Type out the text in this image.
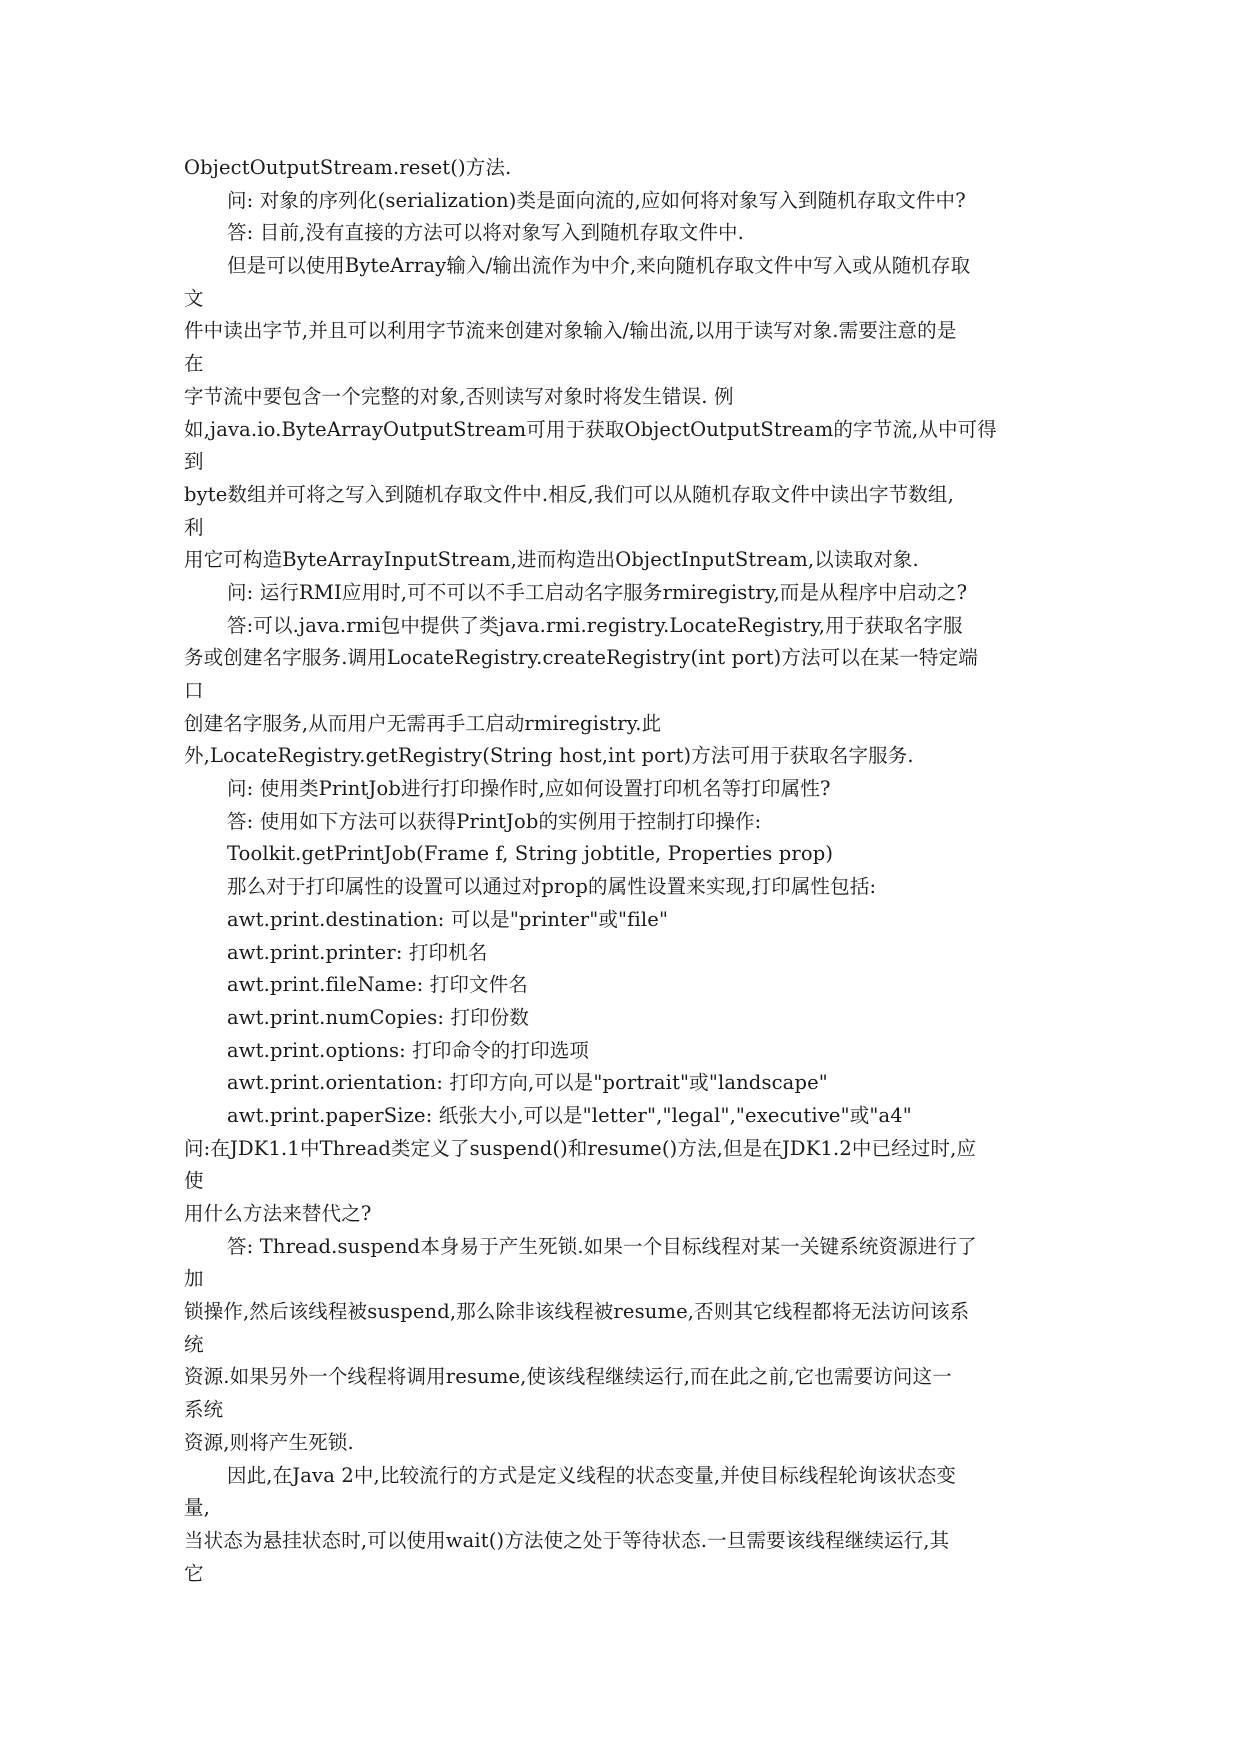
ObjectOutputStream.reset()方法.
问: 对象的序列化(serialization)类是面向流的,应如何将对象写入到随机存取文件中?
答: 目前,没有直接的方法可以将对象写入到随机存取文件中.
但是可以使用ByteArray输入/输出流作为中介,来向随机存取文件中写入或从随机存取
文
件中读出字节,并且可以利用字节流来创建对象输入/输出流,以用于读写对象.需要注意的是
在
字节流中要包含一个完整的对象,否则读写对象时将发生错误. 例
如,java.io.ByteArrayOutputStream可用于获取ObjectOutputStream的字节流,从中可得
到
byte数组并可将之写入到随机存取文件中.相反,我们可以从随机存取文件中读出字节数组,
利
用它可构造ByteArrayInputStream,进而构造出ObjectInputStream,以读取对象.
问: 运行RMI应用时,可不可以不手工启动名字服务rmiregistry,而是从程序中启动之?
答:可以.java.rmi包中提供了类java.rmi.registry.LocateRegistry,用于获取名字服
务或创建名字服务.调用LocateRegistry.createRegistry(int port)方法可以在某一特定端
口
创建名字服务,从而用户无需再手工启动rmiregistry.此
外,LocateRegistry.getRegistry(String host,int port)方法可用于获取名字服务.
问: 使用类PrintJob进行打印操作时,应如何设置打印机名等打印属性?
答: 使用如下方法可以获得PrintJob的实例用于控制打印操作:
Toolkit.getPrintJob(Frame f, String jobtitle, Properties prop)
那么对于打印属性的设置可以通过对prop的属性设置来实现,打印属性包括:
awt.print.destination: 可以是"printer"或"file"
awt.print.printer: 打印机名
awt.print.fileName: 打印文件名
awt.print.numCopies: 打印份数
awt.print.options: 打印命令的打印选项
awt.print.orientation: 打印方向,可以是"portrait"或"landscape"
awt.print.paperSize: 纸张大小,可以是"letter","legal","executive"或"a4"
问:在JDK1.1中Thread类定义了suspend()和resume()方法,但是在JDK1.2中已经过时,应
使
用什么方法来替代之?
答: Thread.suspend本身易于产生死锁.如果一个目标线程对某一关键系统资源进行了
加
锁操作,然后该线程被suspend,那么除非该线程被resume,否则其它线程都将无法访问该系
统
资源.如果另外一个线程将调用resume,使该线程继续运行,而在此之前,它也需要访问这一
系统
资源,则将产生死锁.
因此,在Java 2中,比较流行的方式是定义线程的状态变量,并使目标线程轮询该状态变
量,
当状态为悬挂状态时,可以使用wait()方法使之处于等待状态.一旦需要该线程继续运行,其
它
